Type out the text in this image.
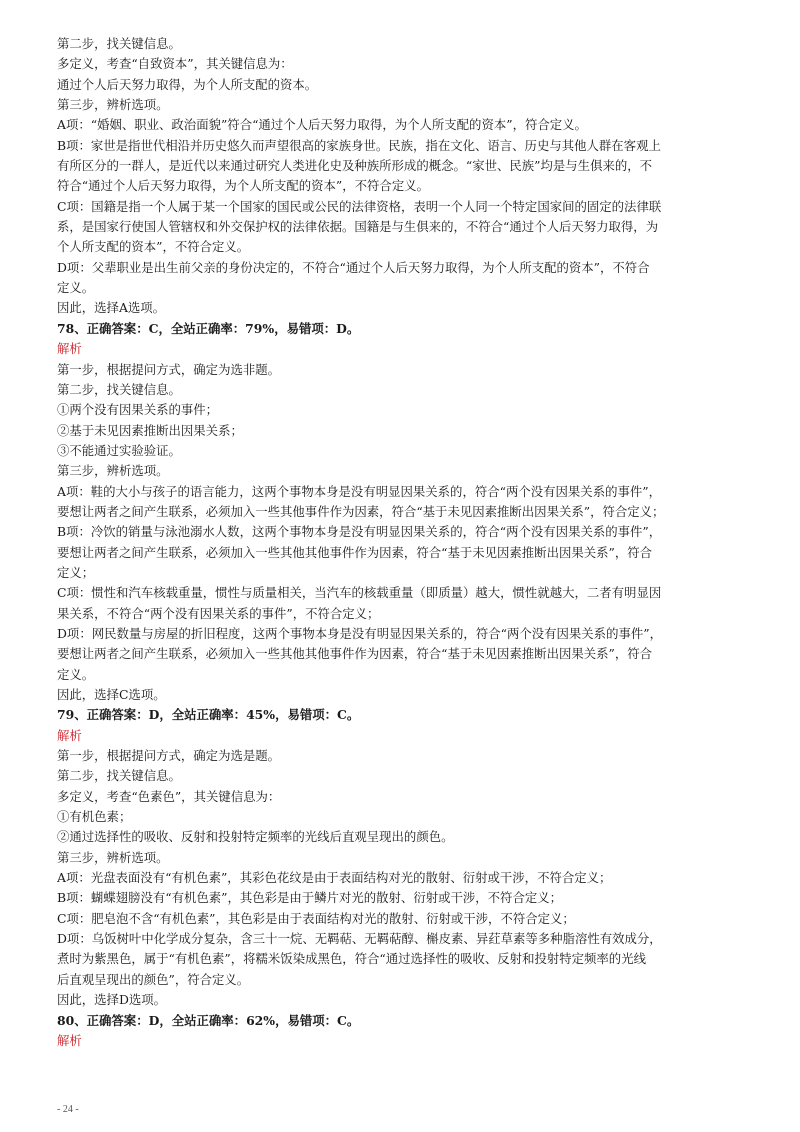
第二步，找关键信息。
多定义，考查“自致资本”，其关键信息为：
通过个人后天努力取得，为个人所支配的资本。
第三步，辨析选项。
A项：“婚姻、职业、政治面貌”符合“通过个人后天努力取得，为个人所支配的资本”，符合定义。
B项：家世是指世代相沿并历史悠久而声望很高的家族身世。民族，指在文化、语言、历史与其他人群在客观上
有所区分的一群人，是近代以来通过研究人类进化史及种族所形成的概念。“家世、民族”均是与生俱来的，不
符合“通过个人后天努力取得，为个人所支配的资本”，不符合定义。
C项：国籍是指一个人属于某一个国家的国民或公民的法律资格，表明一个人同一个特定国家间的固定的法律联
系，是国家行使国人管辖权和外交保护权的法律依据。国籍是与生俱来的，不符合“通过个人后天努力取得，为
个人所支配的资本”，不符合定义。
D项：父辈职业是出生前父亲的身份决定的，不符合“通过个人后天努力取得，为个人所支配的资本”，不符合
定义。
因此，选择A选项。
78、正确答案：C，全站正确率：79%，易错项：D。
解析
第一步，根据提问方式，确定为选非题。
第二步，找关键信息。
①两个没有因果关系的事件；
②基于未见因素推断出因果关系；
③不能通过实验验证。
第三步，辨析选项。
A项：鞋的大小与孩子的语言能力，这两个事物本身是没有明显因果关系的，符合“两个没有因果关系的事件”，
要想让两者之间产生联系，必须加入一些其他事件作为因素，符合“基于未见因素推断出因果关系”，符合定义；
B项：冷饮的销量与泳池溺水人数，这两个事物本身是没有明显因果关系的，符合“两个没有因果关系的事件”，
要想让两者之间产生联系，必须加入一些其他其他事件作为因素，符合“基于未见因素推断出因果关系”，符合
定义；
C项：惯性和汽车核载重量，惯性与质量相关，当汽车的核载重量（即质量）越大，惯性就越大，二者有明显因
果关系，不符合“两个没有因果关系的事件”，不符合定义；
D项：网民数量与房屋的折旧程度，这两个事物本身是没有明显因果关系的，符合“两个没有因果关系的事件”，
要想让两者之间产生联系，必须加入一些其他其他事件作为因素，符合“基于未见因素推断出因果关系”，符合
定义。
因此，选择C选项。
79、正确答案：D，全站正确率：45%，易错项：C。
解析
第一步，根据提问方式，确定为选是题。
第二步，找关键信息。
多定义，考查“色素色”，其关键信息为：
①有机色素；
②通过选择性的吸收、反射和投射特定频率的光线后直观呈现出的颜色。
第三步，辨析选项。
A项：光盘表面没有“有机色素”，其彩色花纹是由于表面结构对光的散射、衍射或干涉，不符合定义；
B项：蝴蝶翅膀没有“有机色素”，其色彩是由于鳞片对光的散射、衍射或干涉，不符合定义；
C项：肥皂泡不含“有机色素”，其色彩是由于表面结构对光的散射、衍射或干涉，不符合定义；
D项：乌饭树叶中化学成分复杂，含三十一烷、无羁萜、无羁萜醇、槲皮素、异荭草素等多种脂溶性有效成分，
煮时为紫黑色，属于“有机色素”，将糯米饭染成黑色，符合“通过选择性的吸收、反射和投射特定频率的光线
后直观呈现出的颜色”，符合定义。
因此，选择D选项。
80、正确答案：D，全站正确率：62%，易错项：C。
解析
- 24 -
